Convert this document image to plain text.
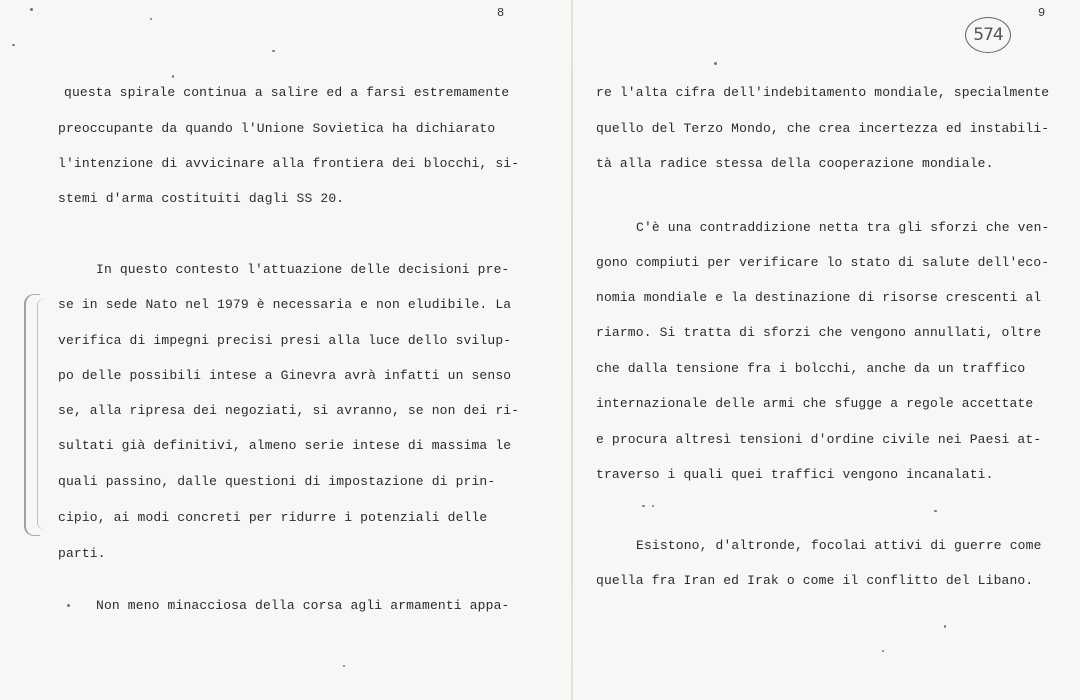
8
questa spirale continua a salire ed a farsi estremamente
preoccupante da quando l'Unione Sovietica ha dichiarato
l'intenzione di avvicinare alla frontiera dei blocchi, si-
stemi d'arma costituiti dagli SS 20.
In questo contesto l'attuazione delle decisioni pre-
se in sede Nato nel 1979 è necessaria e non eludibile. La
verifica di impegni precisi presi alla luce dello svilup-
po delle possibili intese a Ginevra avrà infatti un senso
se, alla ripresa dei negoziati, si avranno, se non dei ri-
sultati già definitivi, almeno serie intese di massima le
quali passino, dalle questioni di impostazione di prin-
cipio, ai modi concreti per ridurre i potenziali delle
parti.
Non meno minacciosa della corsa agli armamenti appa-
9
574
re l'alta cifra dell'indebitamento mondiale, specialmente
quello del Terzo Mondo, che crea incertezza ed instabili-
tà alla radice stessa della cooperazione mondiale.
C'è una contraddizione netta tra gli sforzi che ven-
gono compiuti per verificare lo stato di salute dell'eco-
nomia mondiale e la destinazione di risorse crescenti al
riarmo. Si tratta di sforzi che vengono annullati, oltre
che dalla tensione fra i bolcchi, anche da un traffico
internazionale delle armi che sfugge a regole accettate
e procura altresì tensioni d'ordine civile nei Paesi at-
traverso i quali quei traffici vengono incanalati.
Esistono, d'altronde, focolai attivi di guerre come
quella fra Iran ed Irak o come il conflitto del Libano.
